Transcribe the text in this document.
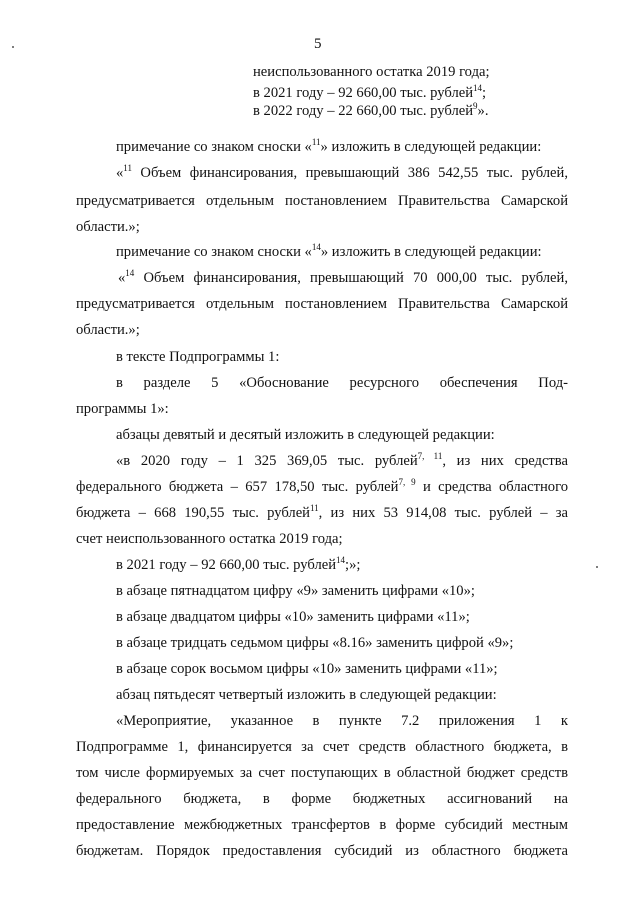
5
неиспользованного остатка 2019 года;
в 2021 году – 92 660,00 тыс. рублей$^{14}$;
в 2022 году – 22 660,00 тыс. рублей$^9$».
примечание со знаком сноски «$^{11}$» изложить в следующей редакции:
«$^{11}$ Объем финансирования, превышающий 386 542,55 тыс. рублей,
предусматривается отдельным постановлением Правительства Самарской
области.»;
примечание со знаком сноски «$^{14}$» изложить в следующей редакции:
«$^{14}$ Объем финансирования, превышающий 70 000,00 тыс. рублей,
предусматривается отдельным постановлением Правительства Самарской
области.»;
в тексте Подпрограммы 1:
в разделе 5 «Обоснование ресурсного обеспечения Под-
программы 1»:
абзацы девятый и десятый изложить в следующей редакции:
«в 2020 году – 1 325 369,05 тыс. рублей$^{7, 11}$, из них средства
федерального бюджета – 657 178,50 тыс. рублей$^{7, 9}$ и средства областного
бюджета – 668 190,55 тыс. рублей$^{11}$, из них 53 914,08 тыс. рублей – за
счет неиспользованного остатка 2019 года;
в 2021 году – 92 660,00 тыс. рублей$^{14}$;»;
в абзаце пятнадцатом цифру «9» заменить цифрами «10»;
в абзаце двадцатом цифры «10» заменить цифрами «11»;
в абзаце тридцать седьмом цифры «8.16» заменить цифрой «9»;
в абзаце сорок восьмом цифры «10» заменить цифрами «11»;
абзац пятьдесят четвертый изложить в следующей редакции:
«Мероприятие, указанное в пункте 7.2 приложения 1 к
Подпрограмме 1, финансируется за счет средств областного бюджета, в
том числе формируемых за счет поступающих в областной бюджет средств
федерального бюджета, в форме бюджетных ассигнований на
предоставление межбюджетных трансфертов в форме субсидий местным
бюджетам. Порядок предоставления субсидий из областного бюджета
